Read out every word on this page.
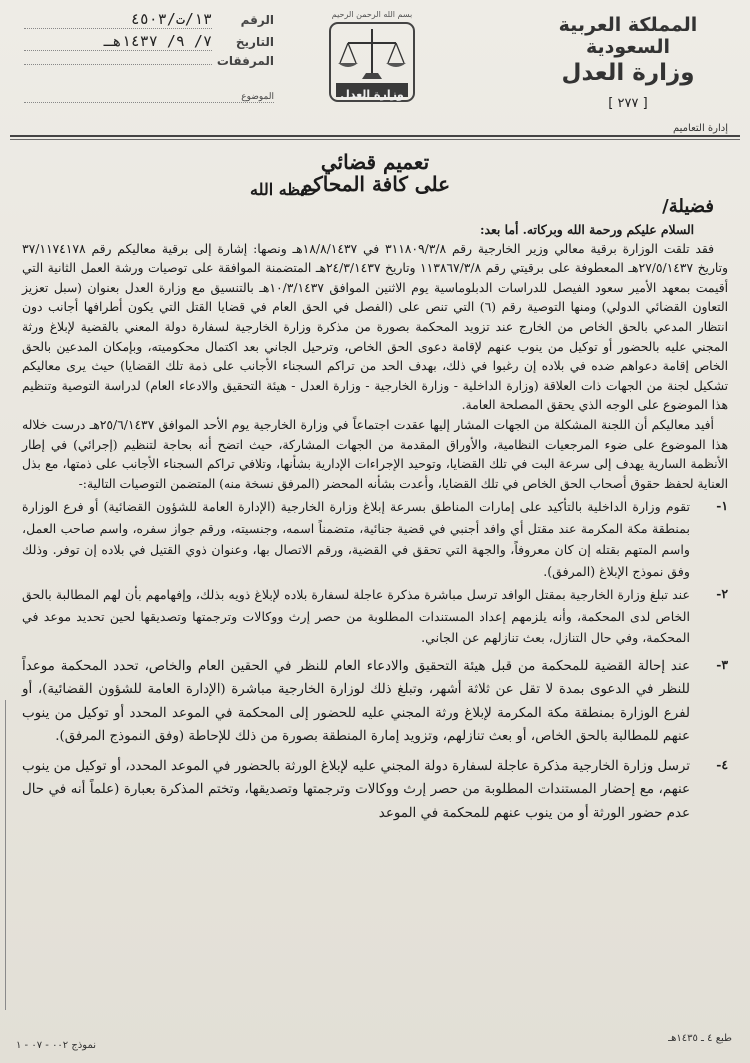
المملكة العربية السعودية
وزارة العدل
[ ٢٧٧ ]
إدارة التعاميم
بسم الله الرحمن الرحيم
وزارة العدل
الرقم
١٣/ت/٤٥٠٣
التاريخ
٧/ ٩/ ١٤٣٧هـ
المرفقات
الموضوع
تعميم قضائي
على كافة المحاكم
فضيلة/
حفظه الله

السلام عليكم ورحمة الله وبركاته. أما بعد:

فقد تلقت الوزارة برقية معالي وزير الخارجية رقم ٣١١٨٠٩/٣/٨ في ١٨/٨/١٤٣٧هـ ونصها: إشارة إلى برقية معاليكم رقم ٣٧/١١٧٤١٧٨ وتاريخ ٢٧/٥/١٤٣٧هـ المعطوفة على برقيتي رقم ١١٣٨٦٧/٣/٨ وتاريخ ٢٤/٣/١٤٣٧هـ المتضمنة الموافقة على توصيات ورشة العمل الثانية التي أقيمت بمعهد الأمير سعود الفيصل للدراسات الدبلوماسية يوم الاثنين الموافق ١٠/٣/١٤٣٧هـ بالتنسيق مع وزارة العدل بعنوان (سبل تعزيز التعاون القضائي الدولي) ومنها التوصية رقم (٦) التي تنص على (الفصل في الحق العام في قضايا القتل التي يكون أطرافها أجانب دون انتظار المدعي بالحق الخاص من الخارج عند تزويد المحكمة بصورة من مذكرة وزارة الخارجية لسفارة دولة المعني بالقضية لإبلاغ ورثة المجني عليه بالحضور أو توكيل من ينوب عنهم لإقامة دعوى الحق الخاص، وترحيل الجاني بعد اكتمال محكوميته، وبإمكان المدعين بالحق الخاص إقامة دعواهم ضده في بلاده إن رغبوا في ذلك، بهدف الحد من تراكم السجناء الأجانب على ذمة تلك القضايا) حيث يرى معاليكم تشكيل لجنة من الجهات ذات العلاقة (وزارة الداخلية - وزارة الخارجية - وزارة العدل - هيئة التحقيق والادعاء العام) لدراسة التوصية وتنظيم هذا الموضوع على الوجه الذي يحقق المصلحة العامة.

أفيد معاليكم أن اللجنة المشكلة من الجهات المشار إليها عقدت اجتماعاً في وزارة الخارجية يوم الأحد الموافق ٢٥/٦/١٤٣٧هـ درست خلاله هذا الموضوع على ضوء المرجعيات النظامية، والأوراق المقدمة من الجهات المشاركة، حيث اتضح أنه بحاجة لتنظيم (إجرائي) في إطار الأنظمة السارية يهدف إلى سرعة البت في تلك القضايا، وتوحيد الإجراءات الإدارية بشأنها، وتلافي تراكم السجناء الأجانب على ذمتها، مع بذل العناية لحفظ حقوق أصحاب الحق الخاص في تلك القضايا، وأعدت بشأنه المحضر (المرفق نسخة منه) المتضمن التوصيات التالية:-

١-
تقوم وزارة الداخلية بالتأكيد على إمارات المناطق بسرعة إبلاغ وزارة الخارجية (الإدارة العامة للشؤون القضائية) أو فرع الوزارة بمنطقة مكة المكرمة عند مقتل أي وافد أجنبي في قضية جنائية، متضمناً اسمه، وجنسيته، ورقم جواز سفره، واسم صاحب العمل، واسم المتهم بقتله إن كان معروفاً، والجهة التي تحقق في القضية، ورقم الاتصال بها، وعنوان ذوي القتيل في بلاده إن توفر. وذلك وفق نموذج الإبلاغ (المرفق).
٢-
عند تبلغ وزارة الخارجية بمقتل الوافد ترسل مباشرة مذكرة عاجلة لسفارة بلاده لإبلاغ ذويه بذلك، وإفهامهم بأن لهم المطالبة بالحق الخاص لدى المحكمة، وأنه يلزمهم إعداد المستندات المطلوبة من حصر إرث ووكالات وترجمتها وتصديقها لحين تحديد موعد في المحكمة، وفي حال التنازل، بعث تنازلهم عن الجاني.
٣-
عند إحالة القضية للمحكمة من قبل هيئة التحقيق والادعاء العام للنظر في الحقين العام والخاص، تحدد المحكمة موعداً للنظر في الدعوى بمدة لا تقل عن ثلاثة أشهر، وتبلغ ذلك لوزارة الخارجية مباشرة (الإدارة العامة للشؤون القضائية)، أو لفرع الوزارة بمنطقة مكة المكرمة لإبلاغ ورثة المجني عليه للحضور إلى المحكمة في الموعد المحدد أو توكيل من ينوب عنهم للمطالبة بالحق الخاص، أو بعث تنازلهم، وتزويد إمارة المنطقة بصورة من ذلك للإحاطة (وفق النموذج المرفق).
٤-
ترسل وزارة الخارجية مذكرة عاجلة لسفارة دولة المجني عليه لإبلاغ الورثة بالحضور في الموعد المحدد، أو توكيل من ينوب عنهم، مع إحضار المستندات المطلوبة من حصر إرث ووكالات وترجمتها وتصديقها، وتختم المذكرة بعبارة (علماً أنه في حال عدم حضور الورثة أو من ينوب عنهم للمحكمة في الموعد
طبع ٤ ـ ١٤٣٥هـ
نموذج ٠٠٢ - ٠٧ - ١
